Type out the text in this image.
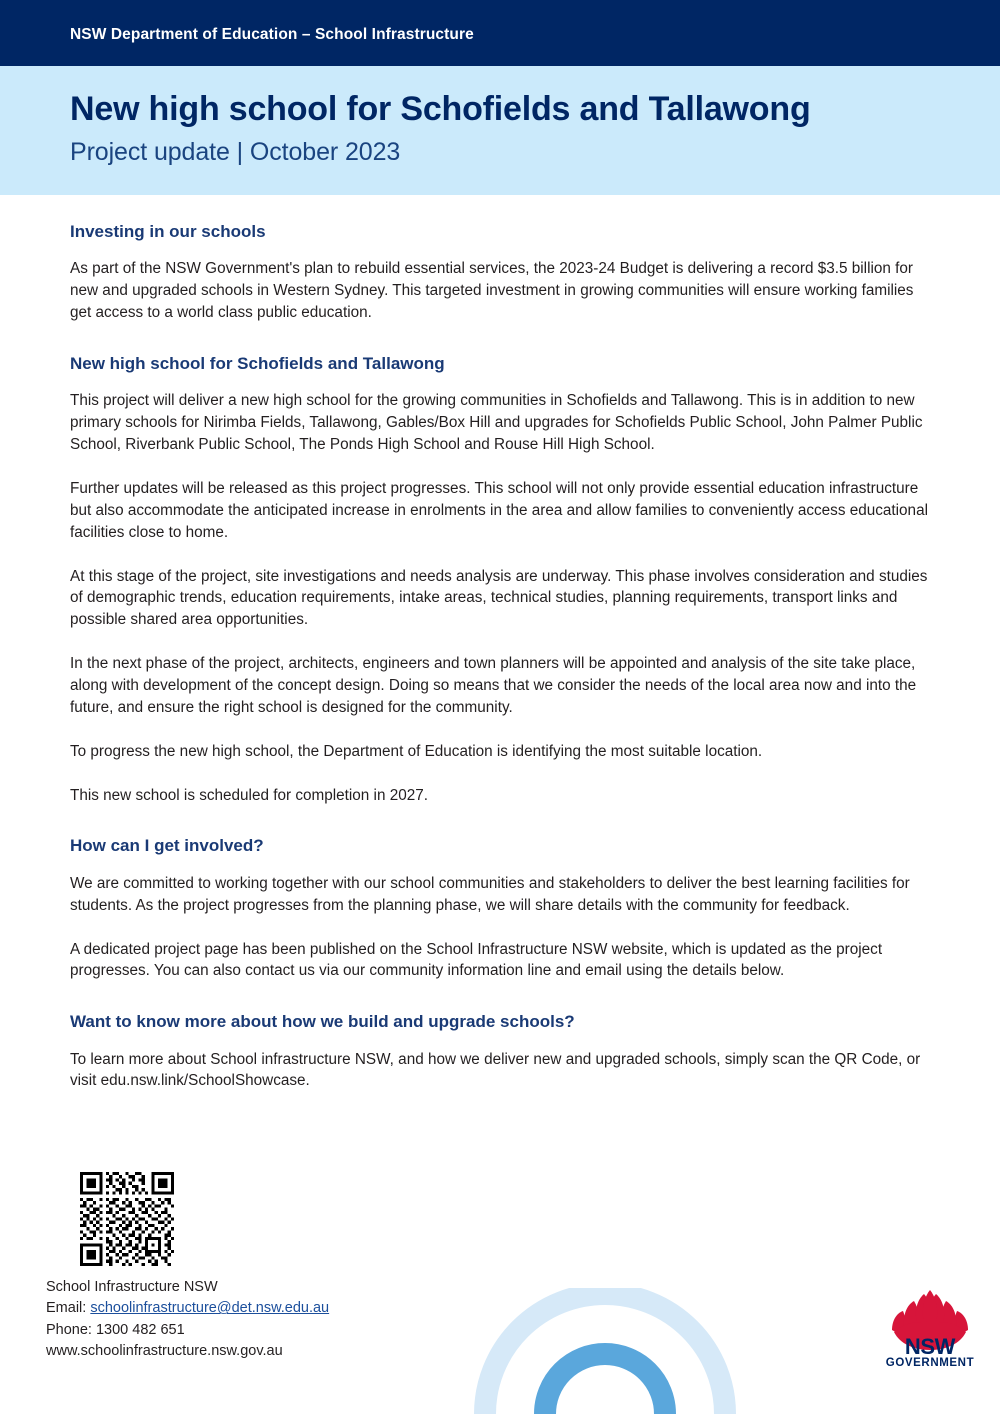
NSW Department of Education – School Infrastructure
New high school for Schofields and Tallawong
Project update | October 2023
Investing in our schools

As part of the NSW Government's plan to rebuild essential services, the 2023-24 Budget is delivering a record $3.5 billion for new and upgraded schools in Western Sydney. This targeted investment in growing communities will ensure working families get access to a world class public education.

New high school for Schofields and Tallawong

This project will deliver a new high school for the growing communities in Schofields and Tallawong. This is in addition to new primary schools for Nirimba Fields, Tallawong, Gables/Box Hill and upgrades for Schofields Public School, John Palmer Public School, Riverbank Public School, The Ponds High School and Rouse Hill High School.

Further updates will be released as this project progresses. This school will not only provide essential education infrastructure but also accommodate the anticipated increase in enrolments in the area and allow families to conveniently access educational facilities close to home.

At this stage of the project, site investigations and needs analysis are underway. This phase involves consideration and studies of demographic trends, education requirements, intake areas, technical studies, planning requirements, transport links and possible shared area opportunities.

In the next phase of the project, architects, engineers and town planners will be appointed and analysis of the site take place, along with development of the concept design. Doing so means that we consider the needs of the local area now and into the future, and ensure the right school is designed for the community.

To progress the new high school, the Department of Education is identifying the most suitable location.

This new school is scheduled for completion in 2027.

How can I get involved?

We are committed to working together with our school communities and stakeholders to deliver the best learning facilities for students. As the project progresses from the planning phase, we will share details with the community for feedback.

A dedicated project page has been published on the School Infrastructure NSW website, which is updated as the project progresses. You can also contact us via our community information line and email using the details below.

Want to know more about how we build and upgrade schools?

To learn more about School infrastructure NSW, and how we deliver new and upgraded schools, simply scan the QR Code, or visit edu.nsw.link/SchoolShowcase.

School Infrastructure NSW
Email: schoolinfrastructure@det.nsw.edu.au
Phone: 1300 482 651
www.schoolinfrastructure.nsw.gov.au
GOVERNMENT
NSW
